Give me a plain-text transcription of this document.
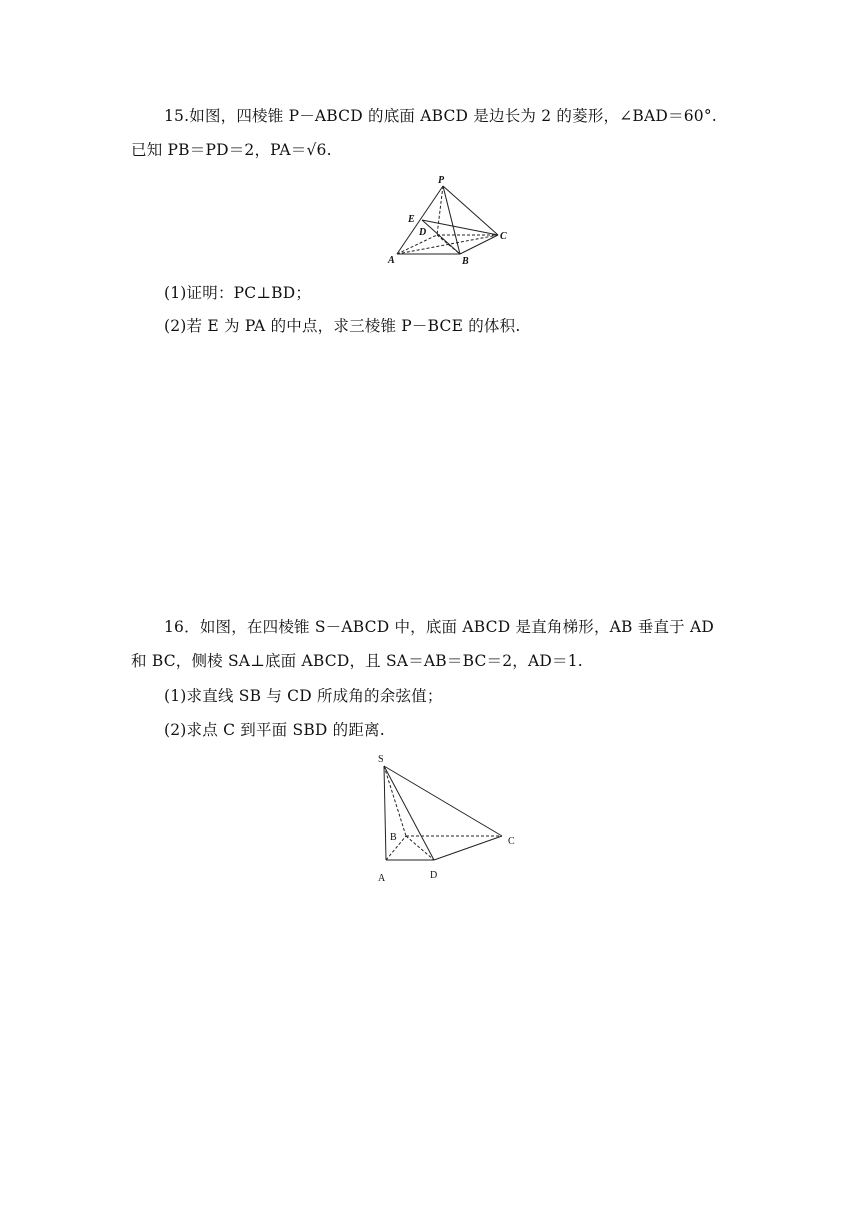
15.如图，四棱锥 P－ABCD 的底面 ABCD 是边长为 2 的菱形，∠BAD＝60°.
已知 PB＝PD＝2，PA＝√6.
P
E
D	C
A	B
(1)证明：PC⊥BD；
(2)若 E 为 PA 的中点，求三棱锥 P－BCE 的体积.
16．如图，在四棱锥 S－ABCD 中，底面 ABCD 是直角梯形，AB 垂直于 AD
和 BC，侧棱 SA⊥底面 ABCD，且 SA＝AB＝BC＝2，AD＝1.
(1)求直线 SB 与 CD 所成角的余弦值；
(2)求点 C 到平面 SBD 的距离.
S
B	C
A	D
